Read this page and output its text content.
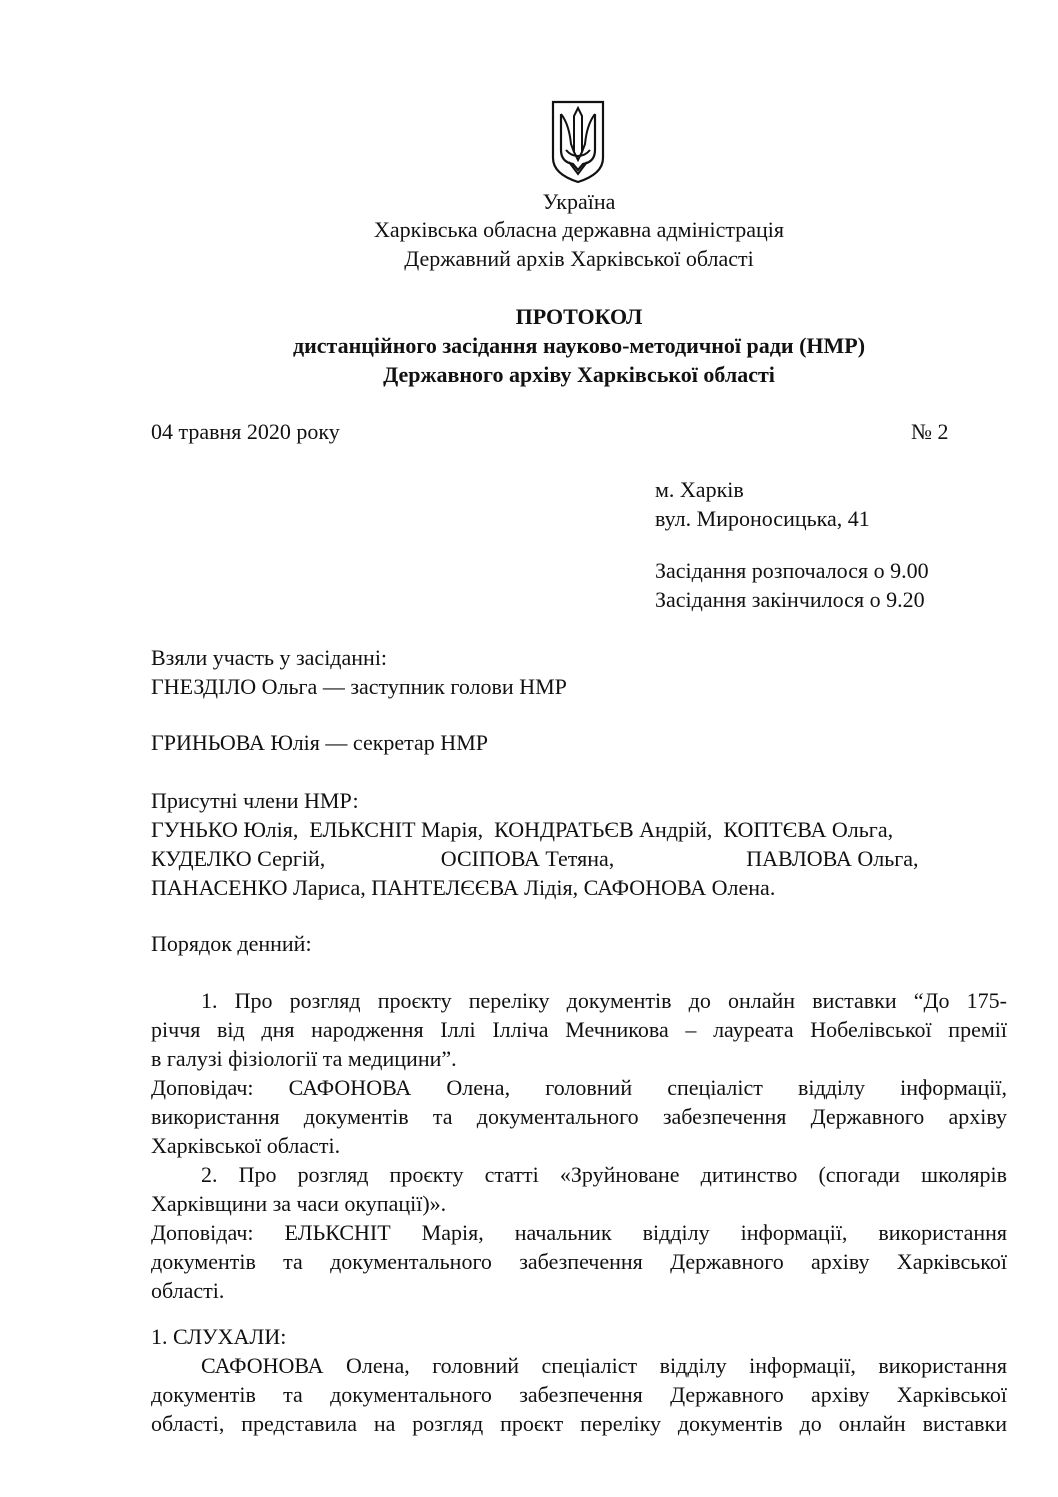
Україна
Харківська обласна державна адміністрація
Державний архів Харківської області
ПРОТОКОЛ
дистанційного засідання науково-методичної ради (НМР)
Державного архіву Харківської області
04 травня 2020 року	№ 2
м. Харків
вул. Мироносицька, 41
Засідання розпочалося о 9.00
Засідання закінчилося о 9.20
Взяли участь у засіданні:
ГНЕЗДІЛО Ольга — заступник голови НМР
ГРИНЬОВА Юлія — секретар НМР
Присутні члени НМР:
ГУНЬКО Юлія,  ЕЛЬКСНІТ Марія,  КОНДРАТЬЄВ Андрій,  КОПТЄВА Ольга,
КУДЕЛКО Сергій,                     ОСІПОВА Тетяна,                        ПАВЛОВА Ольга,
ПАНАСЕНКО Лариса, ПАНТЕЛЄЄВА Лідія, САФОНОВА Олена.
Порядок денний:
1. Про розгляд проєкту переліку документів до онлайн виставки “До 175-
річчя від дня народження Іллі Ілліча Мечникова – лауреата Нобелівської премії
в галузі фізіології та медицини”.
Доповідач: САФОНОВА Олена, головний спеціаліст відділу інформації,
використання документів та документального забезпечення Державного архіву
Харківської області.
2. Про розгляд проєкту статті «Зруйноване дитинство (спогади школярів
Харківщини за часи окупації)».
Доповідач: ЕЛЬКСНІТ Марія, начальник відділу інформації, використання
документів та документального забезпечення Державного архіву Харківської
області.
1. СЛУХАЛИ:
САФОНОВА Олена, головний спеціаліст відділу інформації, використання
документів та документального забезпечення Державного архіву Харківської
області, представила на розгляд проєкт переліку документів до онлайн виставки
